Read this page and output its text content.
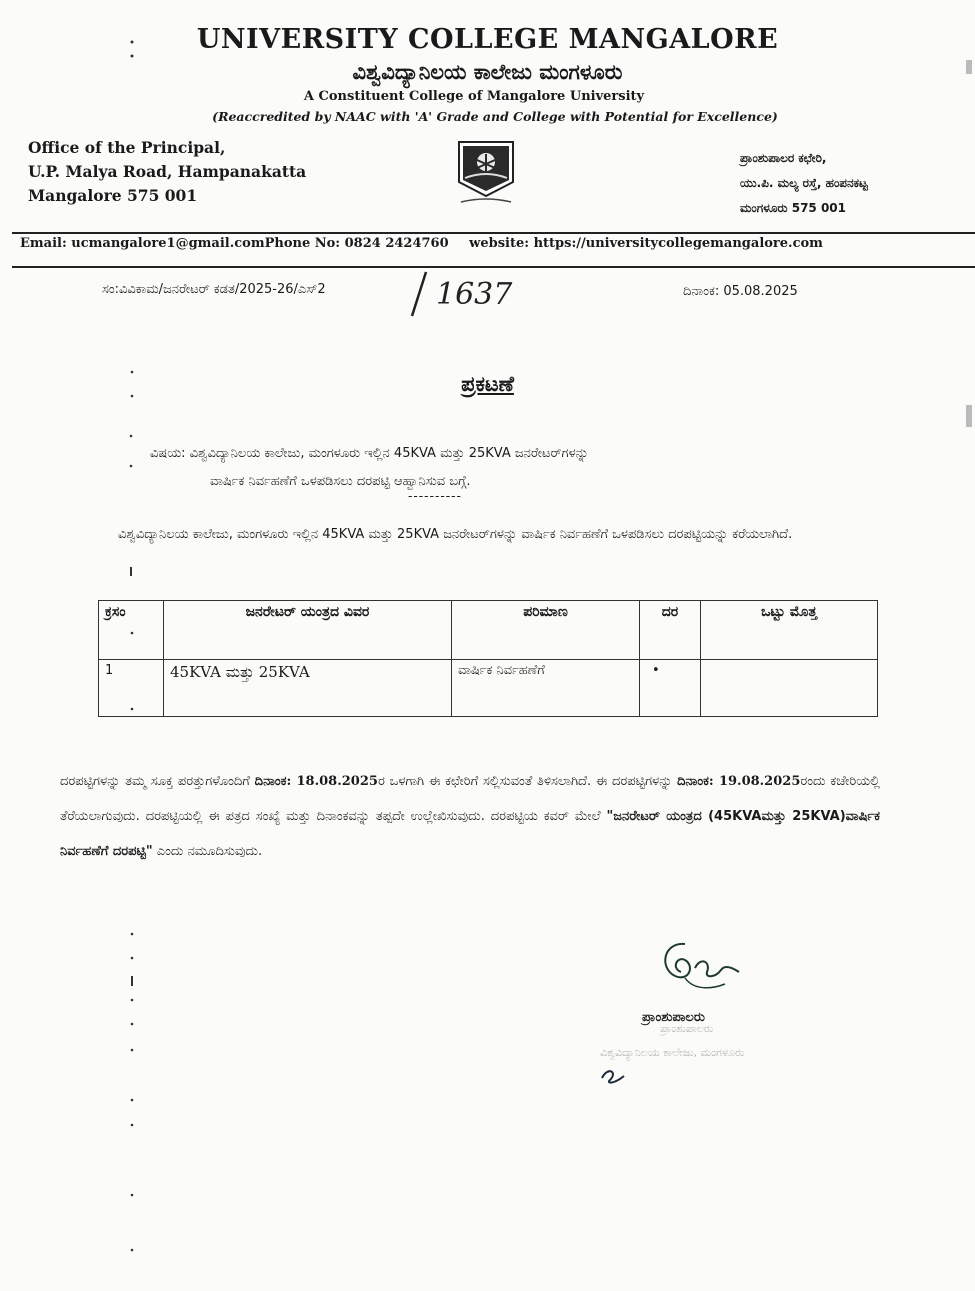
UNIVERSITY COLLEGE MANGALORE
ವಿಶ್ವವಿದ್ಯಾನಿಲಯ ಕಾಲೇಜು ಮಂಗಳೂರು
A Constituent College of Mangalore University
(Reaccredited by NAAC with 'A' Grade and College with Potential for Excellence)
Office of the Principal,
U.P. Malya Road, Hampanakatta
Mangalore 575 001
ಪ್ರಾಂಶುಪಾಲರ ಕಛೇರಿ,
ಯು.ಪಿ. ಮಲ್ಯ ರಸ್ತೆ, ಹಂಪನಕಟ್ಟ
ಮಂಗಳೂರು 575 001
Email: ucmangalore1@gmail.comPhone No: 0824 2424760 website: https://universitycollegemangalore.com
ಸಂ:ವಿವಿಕಾಮ/ಜನರೇಟರ್ ಕಡತ/2025-26/ಎಸ್2	1637	ದಿನಾಂಕ: 05.08.2025
ಪ್ರಕಟಣೆ
ವಿಷಯ: ವಿಶ್ವವಿದ್ಯಾನಿಲಯ ಕಾಲೇಜು, ಮಂಗಳೂರು ಇಲ್ಲಿನ 45KVA ಮತ್ತು 25KVA ಜನರೇಟರ್‌ಗಳನ್ನು
ವಾರ್ಷಿಕ ನಿರ್ವಹಣೆಗೆ ಒಳಪಡಿಸಲು ದರಪಟ್ಟಿ ಆಹ್ವಾನಿಸುವ ಬಗ್ಗೆ.
----------
ವಿಶ್ವವಿದ್ಯಾನಿಲಯ ಕಾಲೇಜು, ಮಂಗಳೂರು ಇಲ್ಲಿನ 45KVA ಮತ್ತು 25KVA ಜನರೇಟರ್‌ಗಳನ್ನು ವಾರ್ಷಿಕ ನಿರ್ವಹಣೆಗೆ ಒಳಪಡಿಸಲು ದರಪಟ್ಟಿಯನ್ನು ಕರೆಯಲಾಗಿದೆ.
ಕ್ರಸಂ	ಜನರೇಟರ್ ಯಂತ್ರದ ವಿವರ	ಪರಿಮಾಣ	ದರ	ಒಟ್ಟು ಮೊತ್ತ
1	45KVA ಮತ್ತು 25KVA	ವಾರ್ಷಿಕ ನಿರ್ವಹಣೆಗೆ	•	
ದರಪಟ್ಟಿಗಳನ್ನು ತಮ್ಮ ಸೂಕ್ತ ಪರತ್ತುಗಳೊಂದಿಗೆ ದಿನಾಂಕ: 18.08.2025ರ ಒಳಗಾಗಿ ಈ ಕಛೇರಿಗೆ ಸಲ್ಲಿಸುವಂತೆ ತಿಳಿಸಲಾಗಿದೆ. ಈ ದರಪಟ್ಟಿಗಳನ್ನು ದಿನಾಂಕ: 19.08.2025ರಂದು ಕಚೇರಿಯಲ್ಲಿ ತೆರೆಯಲಾಗುವುದು. ದರಪಟ್ಟಿಯಲ್ಲಿ ಈ ಪತ್ರದ ಸಂಖ್ಯೆ ಮತ್ತು ದಿನಾಂಕವನ್ನು ತಪ್ಪದೇ ಉಲ್ಲೇಖಿಸುವುದು. ದರಪಟ್ಟಿಯ ಕವರ್ ಮೇಲೆ "ಜನರೇಟರ್ ಯಂತ್ರದ (45KVAಮತ್ತು 25KVA)ವಾರ್ಷಿಕ ನಿರ್ವಹಣೆಗೆ ದರಪಟ್ಟಿ" ಎಂದು ನಮೂದಿಸುವುದು.
ಪ್ರಾಂಶುಪಾಲರು
ಪ್ರಾಂಶುಪಾಲರು
ವಿಶ್ವವಿದ್ಯಾನಿಲಯ ಕಾಲೇಜು, ಮಂಗಳೂರು
